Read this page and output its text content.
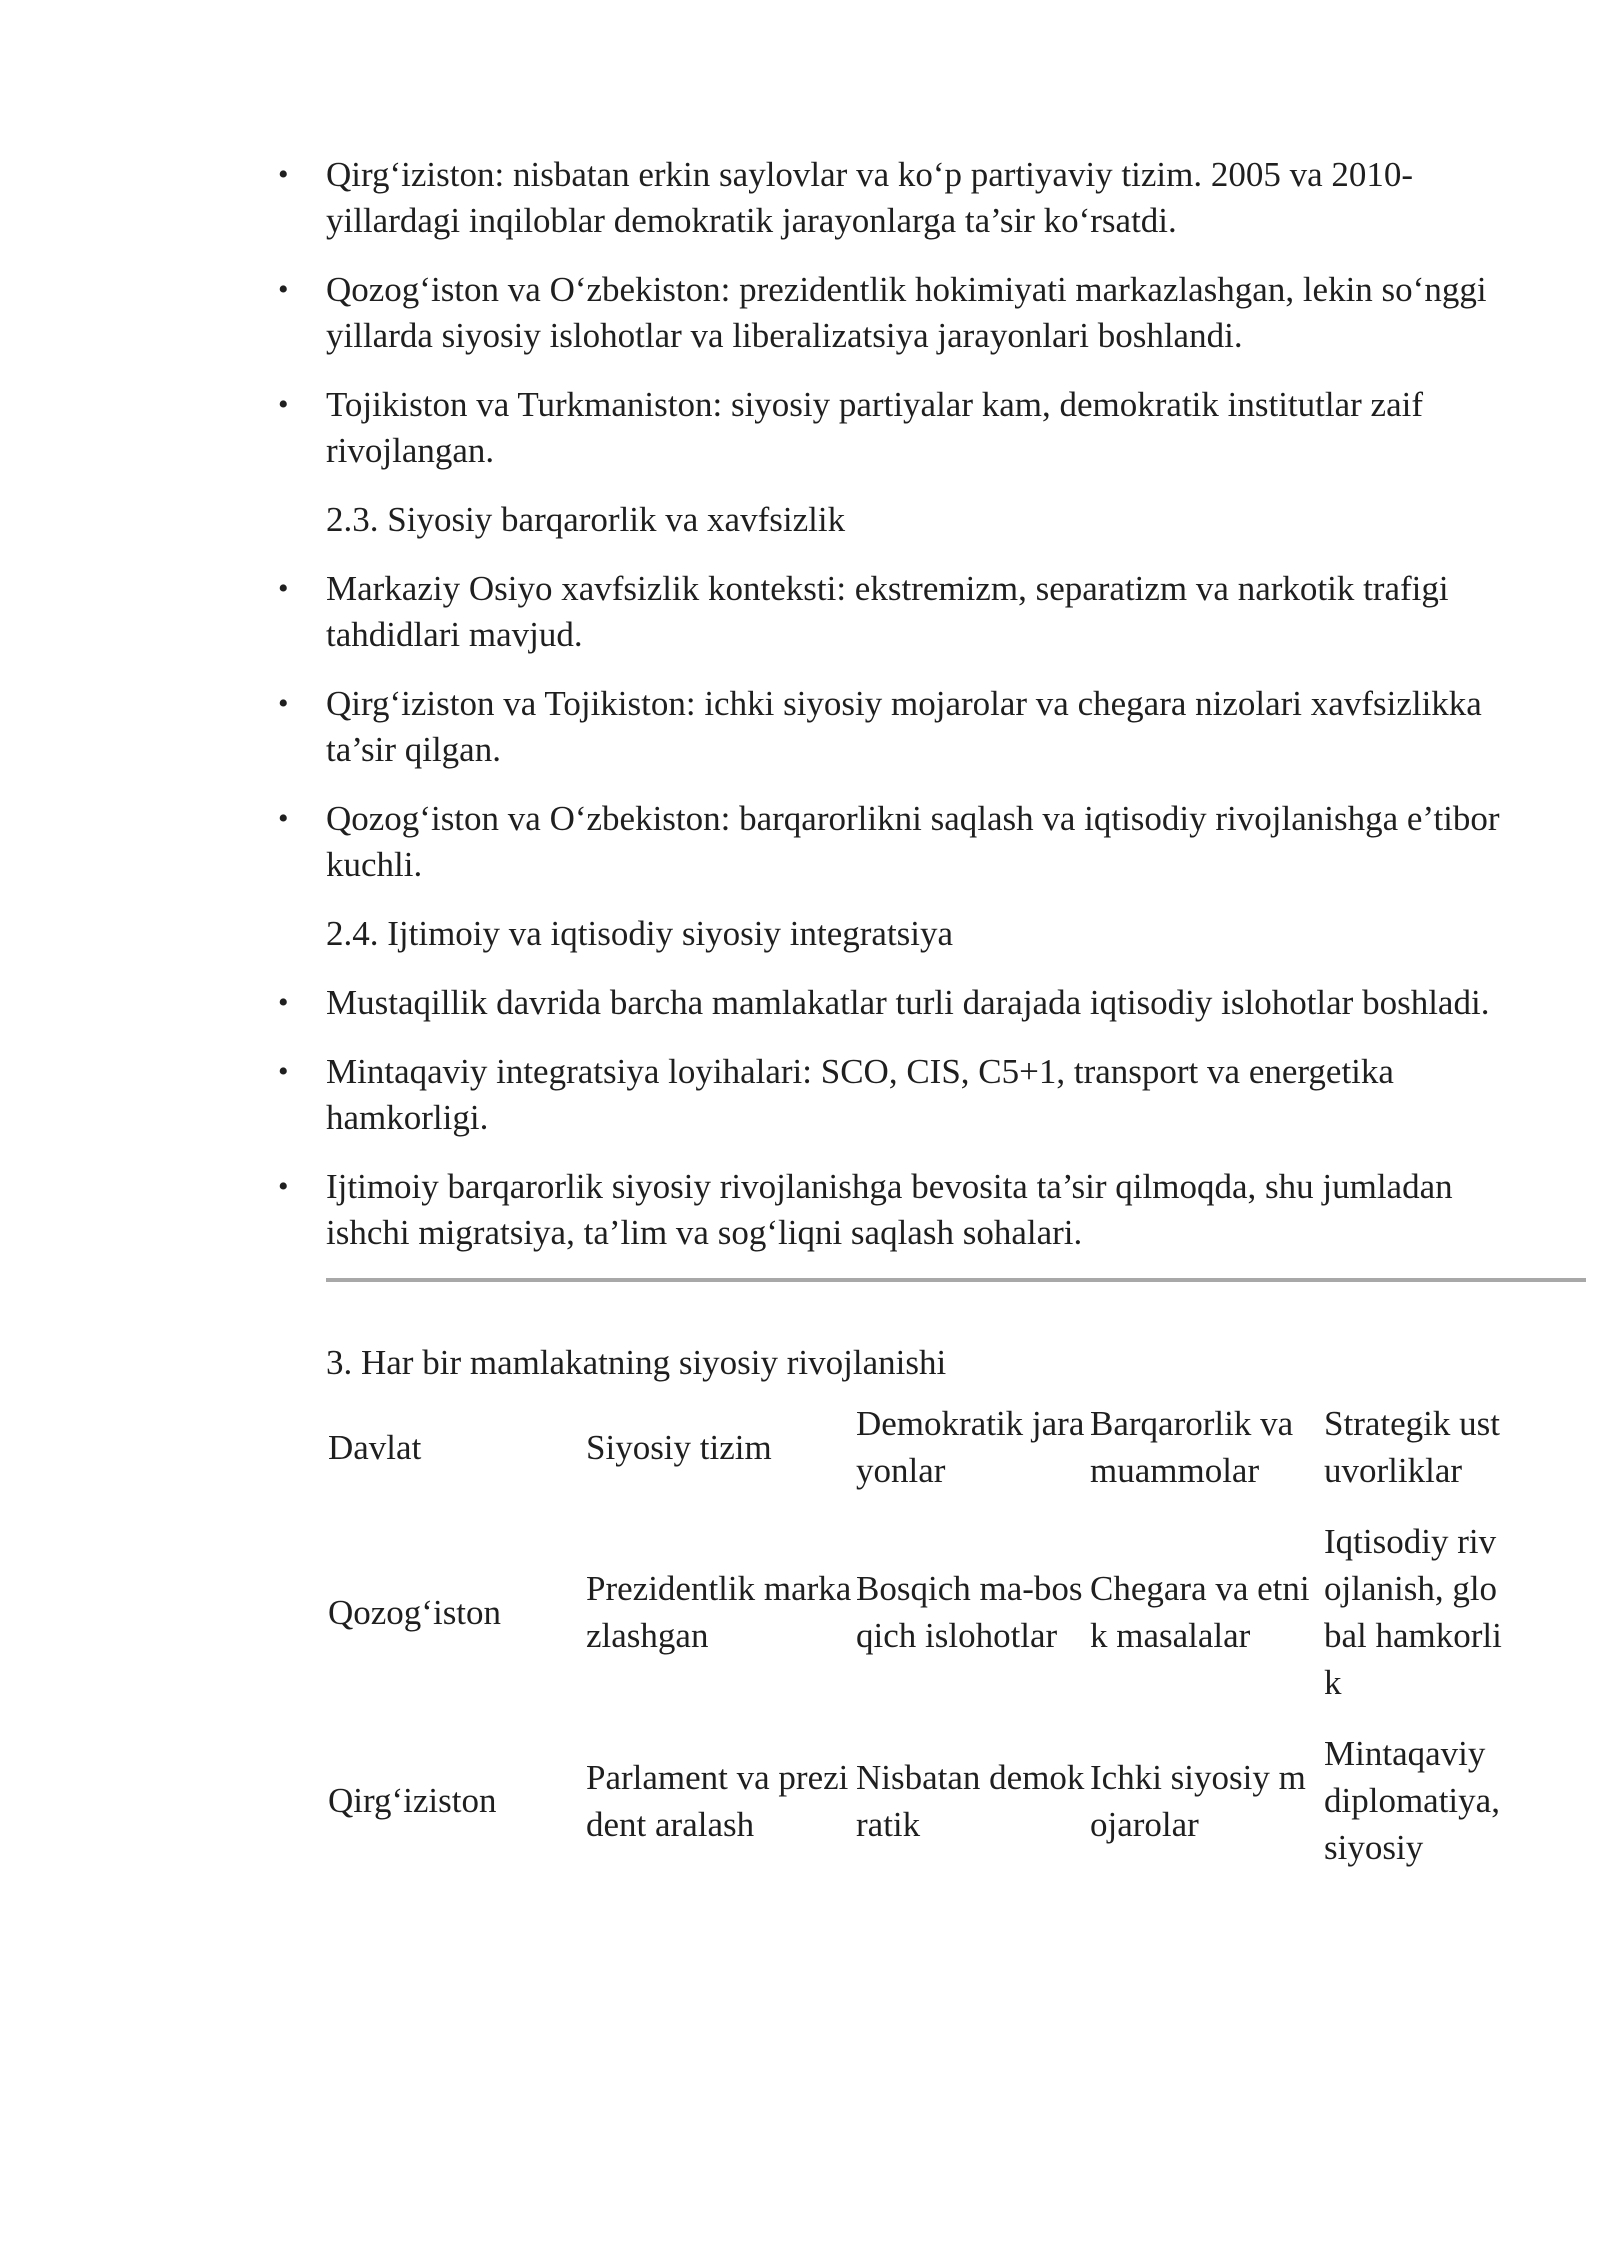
• Qirg‘iziston: nisbatan erkin saylovlar va ko‘p partiyaviy tizim. 2005 va 2010-yillardagi inqiloblar demokratik jarayonlarga ta’sir ko‘rsatdi.
• Qozog‘iston va O‘zbekiston: prezidentlik hokimiyati markazlashgan, lekin so‘nggi yillarda siyosiy islohotlar va liberalizatsiya jarayonlari boshlandi.
• Tojikiston va Turkmaniston: siyosiy partiyalar kam, demokratik institutlar zaif rivojlangan.

2.3. Siyosiy barqarorlik va xavfsizlik

• Markaziy Osiyo xavfsizlik konteksti: ekstremizm, separatizm va narkotik trafigi tahdidlari mavjud.
• Qirg‘iziston va Tojikiston: ichki siyosiy mojarolar va chegara nizolari xavfsizlikka ta’sir qilgan.
• Qozog‘iston va O‘zbekiston: barqarorlikni saqlash va iqtisodiy rivojlanishga e’tibor kuchli.

2.4. Ijtimoiy va iqtisodiy siyosiy integratsiya

• Mustaqillik davrida barcha mamlakatlar turli darajada iqtisodiy islohotlar boshladi.
• Mintaqaviy integratsiya loyihalari: SCO, CIS, C5+1, transport va energetika hamkorligi.
• Ijtimoiy barqarorlik siyosiy rivojlanishga bevosita ta’sir qilmoqda, shu jumladan ishchi migratsiya, ta’lim va sog‘liqni saqlash sohalari.

3. Har bir mamlakatning siyosiy rivojlanishi

Davlat	Siyosiy tizim	Demokratik jarayonlar	Barqarorlik va muammolar	Strategik ustuvorliklar
Qozog‘iston	Prezidentlik markazlashgan	Bosqich ma-bosqich islohotlar	Chegara va etnik masalalar	Iqtisodiy rivojlanish, global hamkorlik
Qirg‘iziston	Parlament va prezident aralash	Nisbatan demokratik	Ichki siyosiy mojarolar	Mintaqaviy diplomatiya, siyosiy
